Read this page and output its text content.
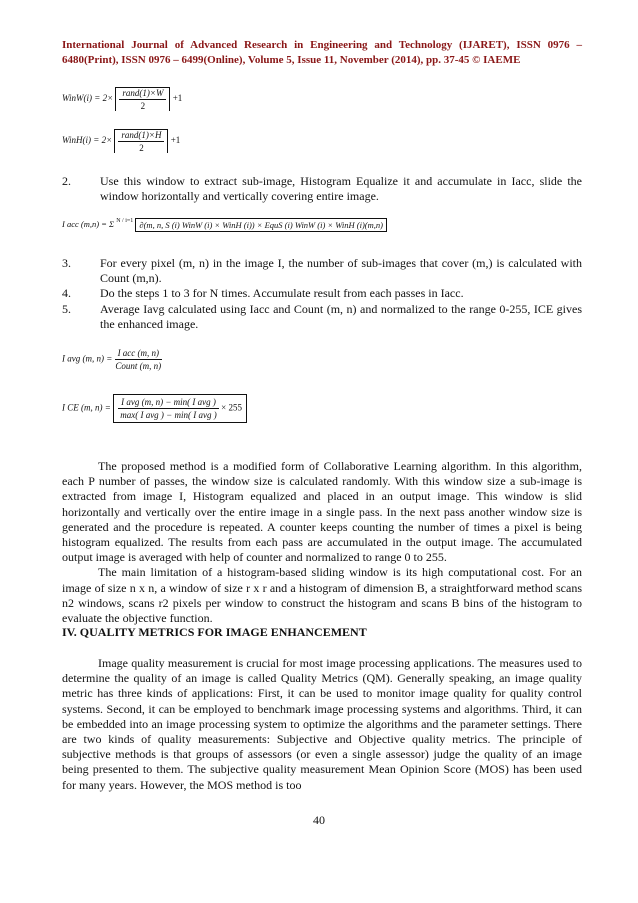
International Journal of Advanced Research in Engineering and Technology (IJARET), ISSN 0976 –
6480(Print), ISSN 0976 – 6499(Online), Volume 5, Issue 11, November (2014), pp. 37-45 © IAEME
WinW(i) = $2\times \frac{\text{rand(1)×W}}{2} +1$
WinH(i) = $2\times \frac{\text{rand(1)×H}}{2} +1$
2.	Use this window to extract sub-image, Histogram Equalize it and accumulate in Iacc, slide the window horizontally and vertically covering entire image.
I acc (m,n) = Σ $^{N / i=1}$ ∂(m, n, S (i) WinW (i) × WinH (i)) × EquS (i) WinW (i) × WinH (i)(m,n)
3.	For every pixel (m, n) in the image I, the number of sub-images that cover (m,) is calculated with Count (m,n).
4.	Do the steps 1 to 3 for N times. Accumulate result from each passes in Iacc.
5.	Average Iavg calculated using Iacc and Count (m, n) and normalized to the range 0-255, ICE gives the enhanced image.
I avg (m, $n) = \frac{\text{I acc (m, n)}}{\text{Count (m, n)}}$
I CE (m, $n) = \frac{\text{I avg (m, n) − min( I avg )}}{\text{max( I avg ) − min( I avg )}} \times 255$
The proposed method is a modified form of Collaborative Learning algorithm. In this algorithm, each P number of passes, the window size is calculated randomly. With this window size a sub-image is extracted from image I, Histogram equalized and placed in an output image. This window is slid horizontally and vertically over the entire image in a single pass. In the next pass another window size is generated and the procedure is repeated. A counter keeps counting the number of times a pixel is being histogram equalized. The results from each pass are accumulated in the output image. The accumulated output image is averaged with help of counter and normalized to range 0 to 255.
The main limitation of a histogram-based sliding window is its high computational cost. For an image of size n x n, a window of size r x r and a histogram of dimension B, a straightforward method scans n2 windows, scans r2 pixels per window to construct the histogram and scans B bins of the histogram to evaluate the objective function.
IV. QUALITY METRICS FOR IMAGE ENHANCEMENT
Image quality measurement is crucial for most image processing applications. The measures used to determine the quality of an image is called Quality Metrics (QM). Generally speaking, an image quality metric has three kinds of applications: First, it can be used to monitor image quality for quality control systems. Second, it can be employed to benchmark image processing systems and algorithms. Third, it can be embedded into an image processing system to optimize the algorithms and the parameter settings. There are two kinds of quality measurements: Subjective and Objective quality metrics. The principle of subjective methods is that groups of assessors (or even a single assessor) judge the quality of an image being presented to them. The subjective quality measurement Mean Opinion Score (MOS) has been used for many years. However, the MOS method is too
40
